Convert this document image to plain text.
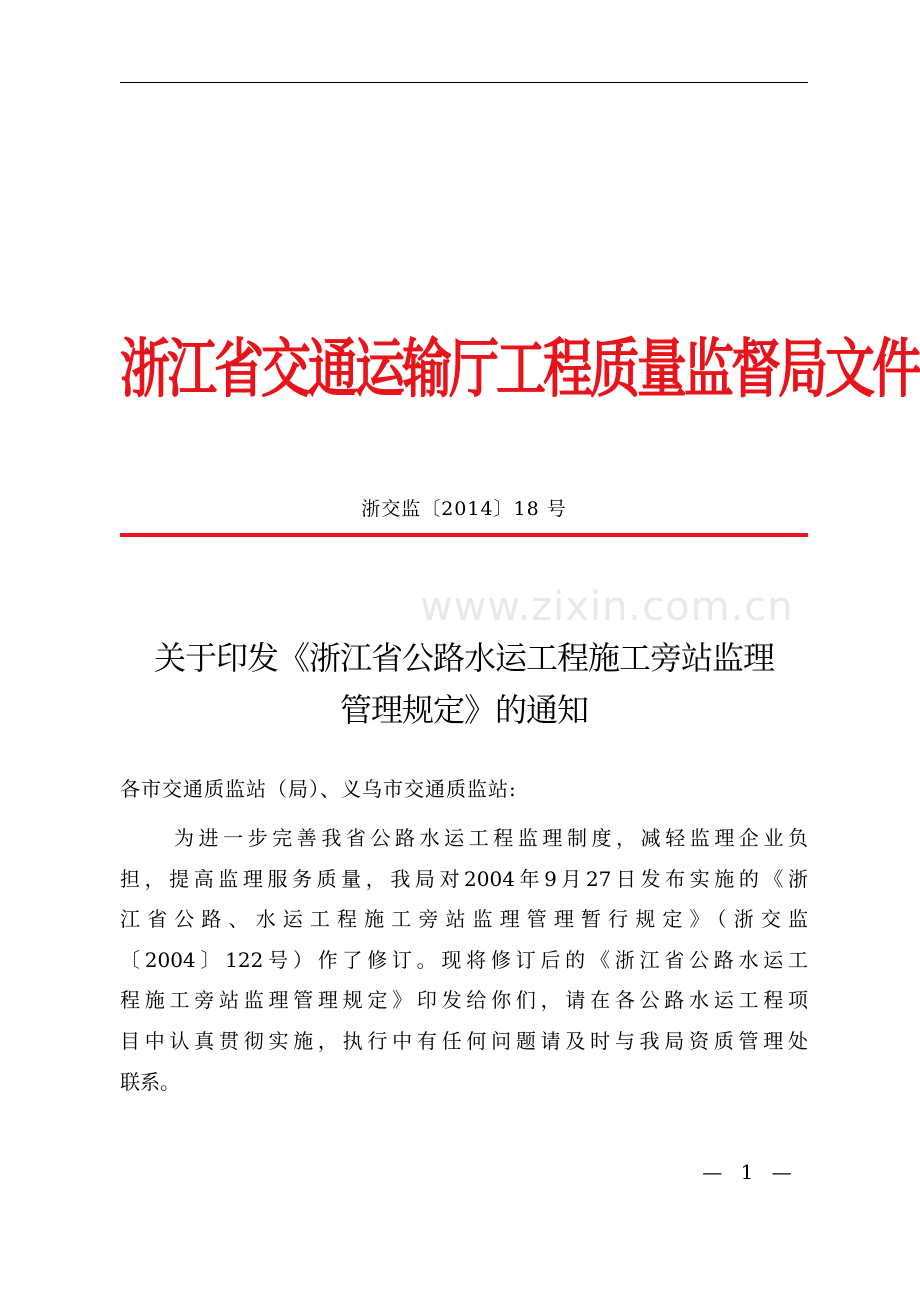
浙江省交通运输厅工程质量监督局文件
浙交监〔2014〕18 号
www.zixin.com.cn
关于印发《浙江省公路水运工程施工旁站监理
管理规定》的通知
各市交通质监站（局）、义乌市交通质监站:
为进一步完善我省公路水运工程监理制度，减轻监理企业负
担，提高监理服务质量，我局对2004年9月27日发布实施的《浙
江省公路、水运工程施工旁站监理管理暂行规定》（浙交监
〔2004〕122号）作了修订。现将修订后的《浙江省公路水运工
程施工旁站监理管理规定》印发给你们，请在各公路水运工程项
目中认真贯彻实施，执行中有任何问题请及时与我局资质管理处
联系。
— 1 —
